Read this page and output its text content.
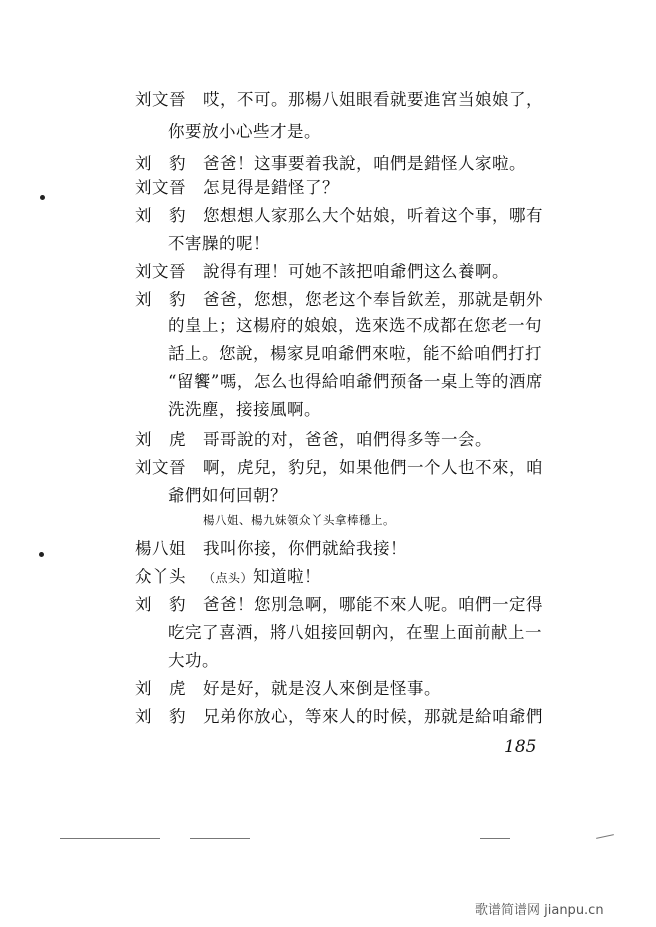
刘文晉 哎，不可。那楊八姐眼看就要進宮当娘娘了，
你要放小心些才是。
刘　豹 爸爸！这事要着我說，咱們是錯怪人家啦。
刘文晉 怎見得是錯怪了？
刘　豹 您想想人家那么大个姑娘，听着这个事，哪有
不害臊的呢！
刘文晉 說得有理！可她不該把咱爺們这么養啊。
刘　豹 爸爸，您想，您老这个奉旨欽差，那就是朝外
的皇上；这楊府的娘娘，选來选不成都在您老一句
話上。您說，楊家見咱爺們來啦，能不給咱們打打
“留饗”嗎，怎么也得給咱爺們预备一桌上等的酒席
洗洗塵，接接風啊。
刘　虎 哥哥說的对，爸爸，咱們得多等一会。
刘文晉 啊，虎兒，豹兒，如果他們一个人也不來，咱
爺們如何回朝？
楊八姐、楊九妹領众丫头拿棒穩上。
楊八姐 我叫你接，你們就給我接！
众丫头 （点头）知道啦！
刘　豹 爸爸！您別急啊，哪能不來人呢。咱們一定得
吃完了喜酒，將八姐接回朝內，在聖上面前献上一
大功。
刘　虎 好是好，就是沒人來倒是怪事。
刘　豹 兄弟你放心，等來人的时候，那就是給咱爺們
185
歌谱简谱网 jianpu.cn
